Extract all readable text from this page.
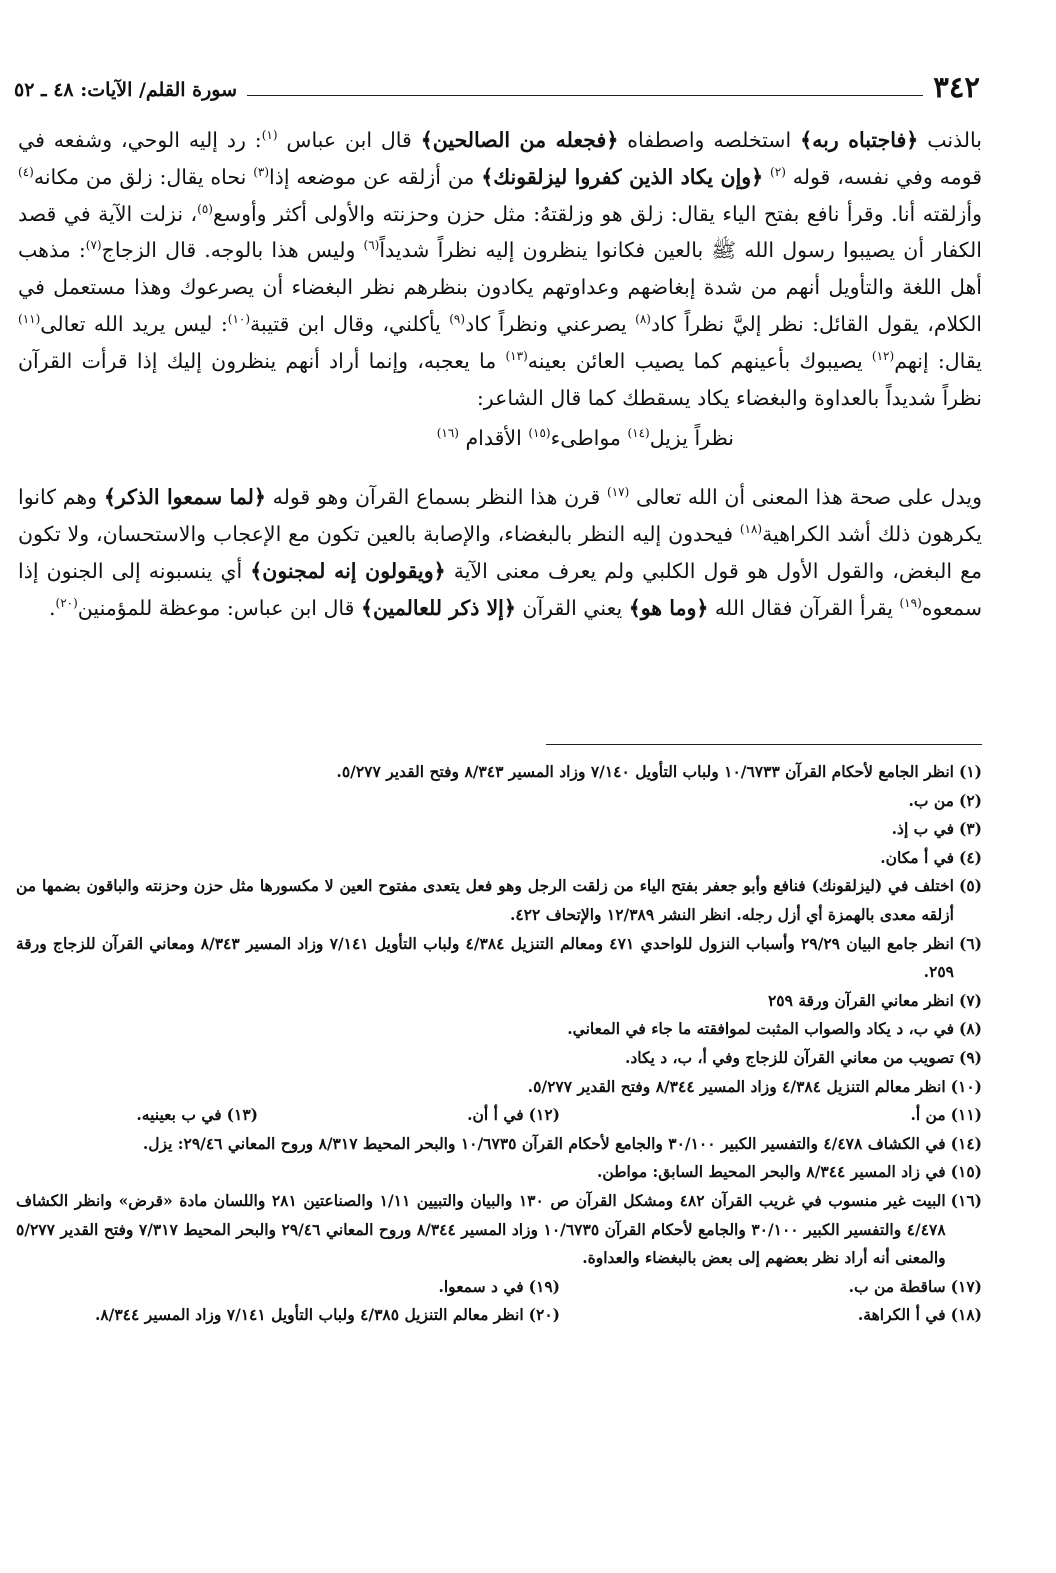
٣٤٢
سورة القلم/ الآيات: ٤٨ ـ ٥٢

بالذنب ﴿فاجتباه ربه﴾ استخلصه واصطفاه ﴿فجعله من الصالحين﴾ قال ابن عباس $^{(١)}$: رد إليه الوحي، وشفعه في قومه وفي نفسه، قوله $^{(٢)}$ ﴿وإن يكاد الذين كفروا ليزلقونك﴾ من أزلقه عن موضعه إذا$^{(٣)}$ نحاه يقال: زلق من مكانه$^{(٤)}$ وأزلقته أنا. وقرأ نافع بفتح الياء يقال: زلق هو وزلقتهُ: مثل حزن وحزنته والأولى أكثر وأوسع$^{(٥)}$، نزلت الآية في قصد الكفار أن يصيبوا رسول الله ﷺ بالعين فكانوا ينظرون إليه نظراً شديداً$^{(٦)}$ وليس هذا بالوجه. قال الزجاج$^{(٧)}$: مذهب أهل اللغة والتأويل أنهم من شدة إبغاضهم وعداوتهم يكادون بنظرهم نظر البغضاء أن يصرعوك وهذا مستعمل في الكلام، يقول القائل: نظر إليَّ نظراً كاد$^{(٨)}$ يصرعني ونظراً كاد$^{(٩)}$ يأكلني، وقال ابن قتيبة$^{(١٠)}$: ليس يريد الله تعالى$^{(١١)}$ يقال: إنهم$^{(١٢)}$ يصيبوك بأعينهم كما يصيب العائن بعينه$^{(١٣)}$ ما يعجبه، وإنما أراد أنهم ينظرون إليك إذا قرأت القرآن نظراً شديداً بالعداوة والبغضاء يكاد يسقطك كما قال الشاعر:

نظراً يزيل$^{(١٤)}$ مواطىء$^{(١٥)}$ الأقدام $^{(١٦)}$

ويدل على صحة هذا المعنى أن الله تعالى $^{(١٧)}$ قرن هذا النظر بسماع القرآن وهو قوله ﴿لما سمعوا الذكر﴾ وهم كانوا يكرهون ذلك أشد الكراهية$^{(١٨)}$ فيحدون إليه النظر بالبغضاء، والإصابة بالعين تكون مع الإعجاب والاستحسان، ولا تكون مع البغض، والقول الأول هو قول الكلبي ولم يعرف معنى الآية ﴿ويقولون إنه لمجنون﴾ أي ينسبونه إلى الجنون إذا سمعوه$^{(١٩)}$ يقرأ القرآن فقال الله ﴿وما هو﴾ يعني القرآن ﴿إلا ذكر للعالمين﴾ قال ابن عباس: موعظة للمؤمنين$^{(٢٠)}$.

(١)
انظر الجامع لأحكام القرآن ١٠/٦٧٣٣ ولباب التأويل ٧/١٤٠ وزاد المسير ٨/٣٤٣ وفتح القدير ٥/٢٧٧.
(٢)
من ب.
(٣)
في ب إذ.
(٤)
في أ مكان.
(٥)
اختلف في (ليزلقونك) فنافع وأبو جعفر بفتح الياء من زلقت الرجل وهو فعل يتعدى مفتوح العين لا مكسورها مثل حزن وحزنته والباقون بضمها من أزلقه معدى بالهمزة أي أزل رجله. انظر النشر ١٢/٣٨٩ والإتحاف ٤٢٢.
(٦)
انظر جامع البيان ٢٩/٢٩ وأسباب النزول للواحدي ٤٧١ ومعالم التنزيل ٤/٣٨٤ ولباب التأويل ٧/١٤١ وزاد المسير ٨/٣٤٣ ومعاني القرآن للزجاج ورقة ٢٥٩.
(٧)
انظر معاني القرآن ورقة ٢٥٩
(٨)
في ب، د يكاد والصواب المثبت لموافقته ما جاء في المعاني.
(٩)
تصويب من معاني القرآن للزجاج وفي أ، ب، د يكاد.
(١٠)
انظر معالم التنزيل ٤/٣٨٤ وزاد المسير ٨/٣٤٤ وفتح القدير ٥/٢٧٧.
(١١)
من أ.
(١٢)
في أ أن.
(١٣)
في ب بعينيه.
(١٤)
في الكشاف ٤/٤٧٨ والتفسير الكبير ٣٠/١٠٠ والجامع لأحكام القرآن ١٠/٦٧٣٥ والبحر المحيط ٨/٣١٧ وروح المعاني ٢٩/٤٦: يزل.
(١٥)
في زاد المسير ٨/٣٤٤ والبحر المحيط السابق: مواطن.
(١٦)
البيت غير منسوب في غريب القرآن ٤٨٢ ومشكل القرآن ص ١٣٠ والبيان والتبيين ١/١١ والصناعتين ٢٨١ واللسان مادة «قرض» وانظر الكشاف ٤/٤٧٨ والتفسير الكبير ٣٠/١٠٠ والجامع لأحكام القرآن ١٠/٦٧٣٥ وزاد المسير ٨/٣٤٤ وروح المعاني ٢٩/٤٦ والبحر المحيط ٧/٣١٧ وفتح القدير ٥/٢٧٧ والمعنى أنه أراد نظر بعضهم إلى بعض بالبغضاء والعداوة.
(١٧)
ساقطة من ب.
(١٩)
في د سمعوا.
(١٨)
في أ الكراهة.
(٢٠)
انظر معالم التنزيل ٤/٣٨٥ ولباب التأويل ٧/١٤١ وزاد المسير ٨/٣٤٤.
